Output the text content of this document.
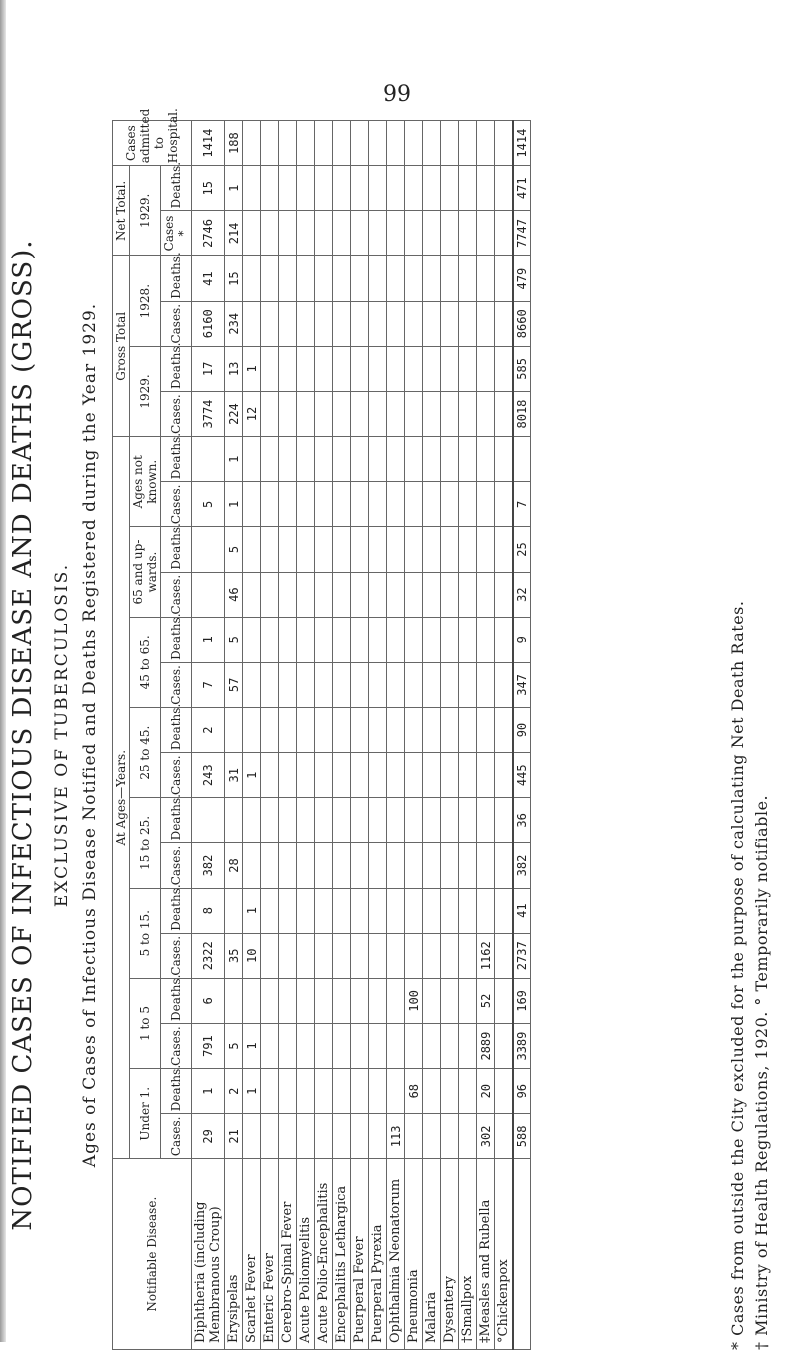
99
NOTIFIED CASES OF INFECTIOUS DISEASE AND DEATHS (GROSS). EXCLUSIVE OF TUBERCULOSIS. Ages of Cases of Infectious Disease Notified and Deaths Registered during the Year 1929.
Notifiable Disease.	At Ages—Years.																Gross Total				Net Total.		Cases admitted to Hospital.
	Under 1.		1 to 5		5 to 15.		15 to 25.		25 to 45.		45 to 65.		65 and up-wards.		Ages not known.		1929.		1928.		1929.		
	Cases.	Deaths.	Cases.	Deaths.	Cases.	Deaths.	Cases.	Deaths.	Cases.	Deaths.	Cases.	Deaths.	Cases.	Deaths.	Cases.	Deaths.	Cases.	Deaths.	Cases.	Deaths.	Cases *	Deaths.	
Diphtheria (including Membranous Croup)	29	1	791	6	2322	8	382		243	2	7	1			5		3774	17	6160	41	2746	15	1414
Erysipelas	21	2	5		35		28		31		57	5	46	5	1	1	224	13	234	15	214	1	188
Scarlet Fever		1	1		10	1			1								12	1					
Enteric Fever																							
Cerebro-Spinal Fever																							
Acute Poliomyelitis																							
Acute Polio-Encephalitis																							
Encephalitis Lethargica																							
Puerperal Fever																							
Puerperal Pyrexia																							
Ophthalmia Neonatorum	113																						
Pneumonia		68		100																			
Malaria																							
Dysentery																							
†Smallpox																							
‡Measles and Rubella	302	20	2889	52	1162																		
°Chickenpox																							
	588	96	3389	169	2737	41	382	36	445	90	347	9	32	25	7		8018	585	8660	479	7747	471	1414
* Cases from outside the City excluded for the purpose of calculating Net Death Rates. † Ministry of Health Regulations, 1920. ° Temporarily notifiable.
